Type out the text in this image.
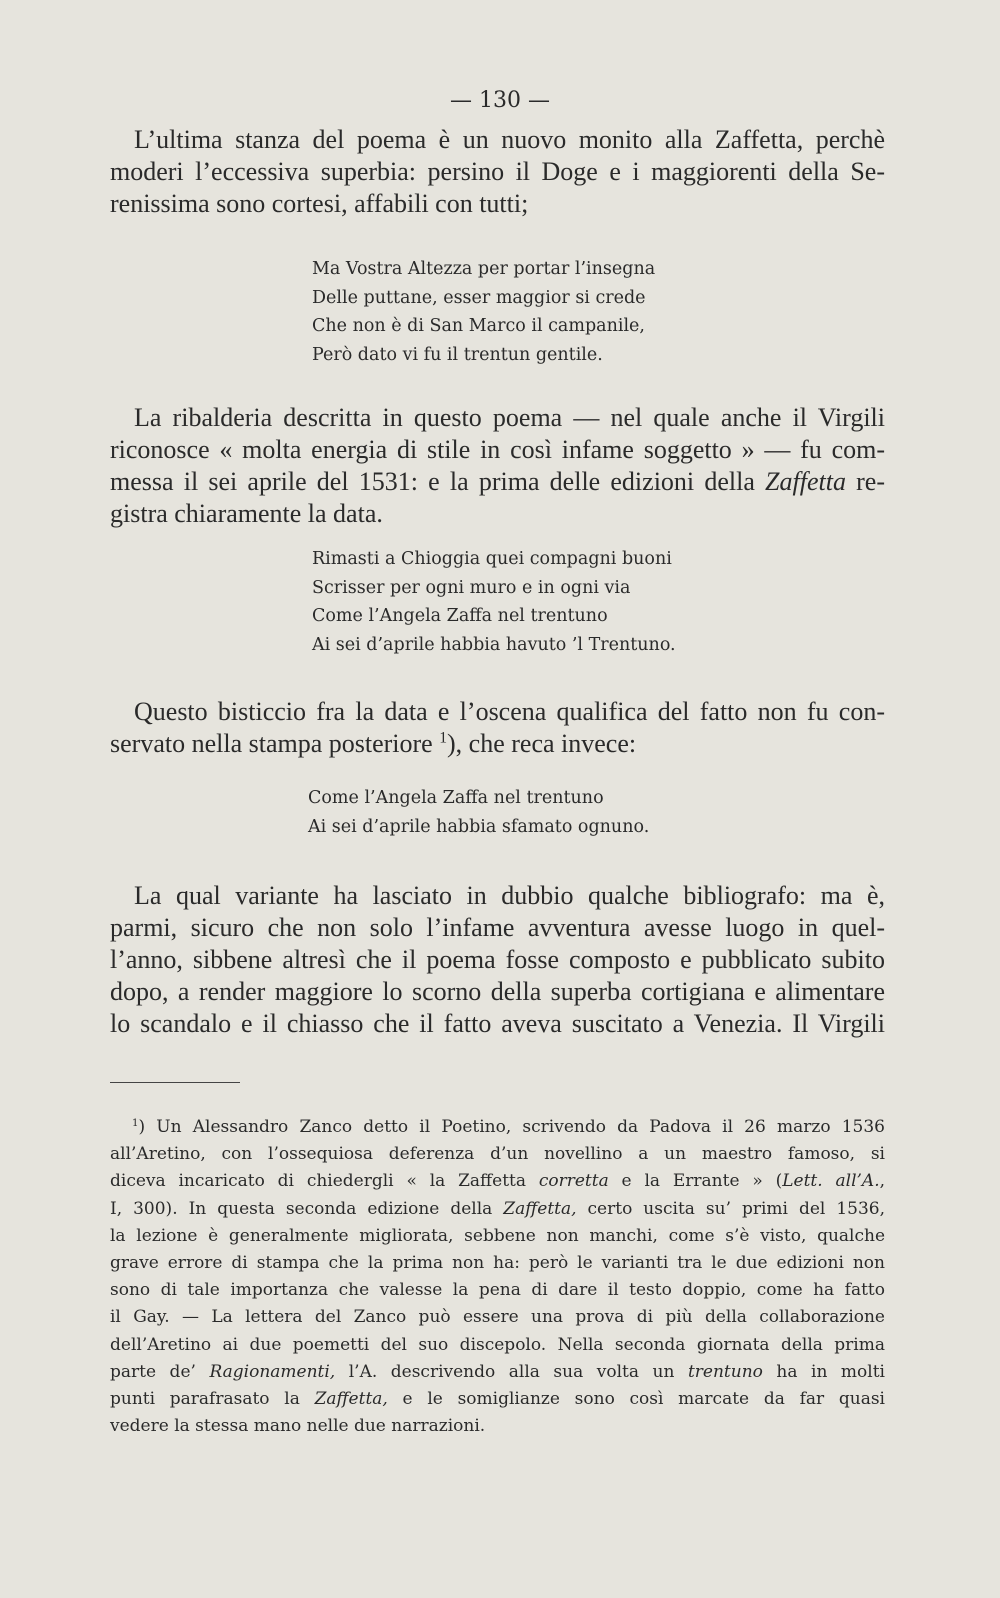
— 130 —
L’ultima stanza del poema è un nuovo monito alla Zaffetta, perchè
moderi l’eccessiva superbia: persino il Doge e i maggiorenti della Se-
renissima sono cortesi, affabili con tutti;
Ma Vostra Altezza per portar l’insegna
Delle puttane, esser maggior si crede
Che non è di San Marco il campanile,
Però dato vi fu il trentun gentile.
La ribalderia descritta in questo poema — nel quale anche il Virgili
riconosce « molta energia di stile in così infame soggetto » — fu com-
messa il sei aprile del 1531: e la prima delle edizioni della Zaffetta re-
gistra chiaramente la data.
Rimasti a Chioggia quei compagni buoni
Scrisser per ogni muro e in ogni via
Come l’Angela Zaffa nel trentuno
Ai sei d’aprile habbia havuto ’l Trentuno.
Questo bisticcio fra la data e l’oscena qualifica del fatto non fu con-
servato nella stampa posteriore $^1$), che reca invece:
Come l’Angela Zaffa nel trentuno
Ai sei d’aprile habbia sfamato ognuno.
La qual variante ha lasciato in dubbio qualche bibliografo: ma è,
parmi, sicuro che non solo l’infame avventura avesse luogo in quel-
l’anno, sibbene altresì che il poema fosse composto e pubblicato subito
dopo, a render maggiore lo scorno della superba cortigiana e alimentare
lo scandalo e il chiasso che il fatto aveva suscitato a Venezia. Il Virgili
$^1$) Un Alessandro Zanco detto il Poetino, scrivendo da Padova il 26 marzo 1536
all’Aretino, con l’ossequiosa deferenza d’un novellino a un maestro famoso, si
diceva incaricato di chiedergli « la Zaffetta corretta e la Errante » (Lett. all’A.,
I, 300). In questa seconda edizione della Zaffetta, certo uscita su’ primi del 1536,
la lezione è generalmente migliorata, sebbene non manchi, come s’è visto, qualche
grave errore di stampa che la prima non ha: però le varianti tra le due edizioni non
sono di tale importanza che valesse la pena di dare il testo doppio, come ha fatto
il Gay. — La lettera del Zanco può essere una prova di più della collaborazione
dell’Aretino ai due poemetti del suo discepolo. Nella seconda giornata della prima
parte de’ Ragionamenti, l’A. descrivendo alla sua volta un trentuno ha in molti
punti parafrasato la Zaffetta, e le somiglianze sono così marcate da far quasi
vedere la stessa mano nelle due narrazioni.
